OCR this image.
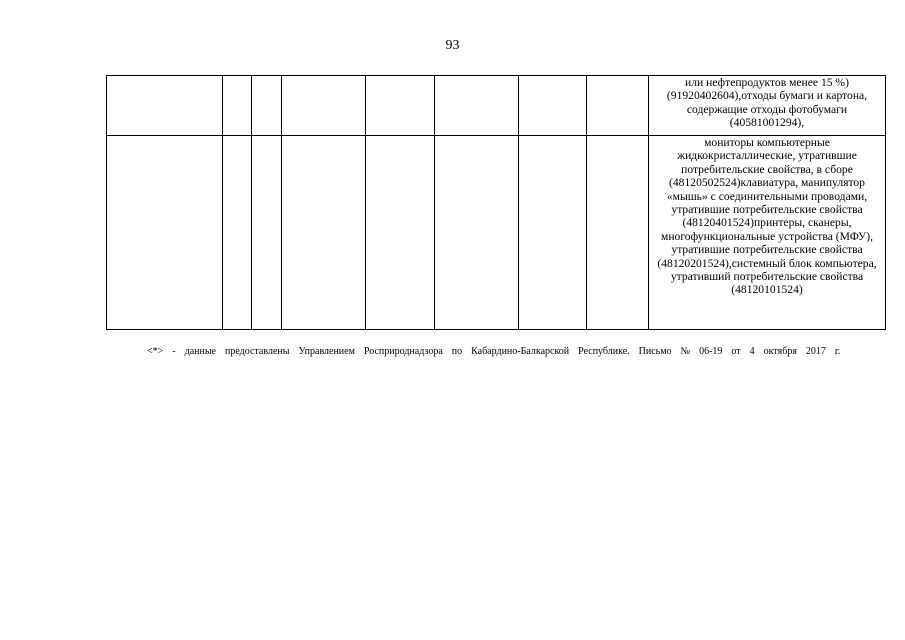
93
								или нефтепродуктов менее 15 %) (91920402604),отходы бумаги и картона, содержащие отходы фотобумаги (40581001294),
								мониторы компьютерные жидкокристаллические, утратившие потребительские свойства, в сборе (48120502524)клавиатура, манипулятор «мышь» с соединительными проводами, утратившие потребительские свойства (48120401524)принтеры, сканеры, многофункциональные устройства (МФУ), утратившие потребительские свойства (48120201524),системный блок компьютера, утративший потребительские свойства (48120101524)
<*> - данные предоставлены Управлением Росприроднадзора по Кабардино-Балкарской Республике. Письмо № 06-19 от 4 октября 2017 г.
